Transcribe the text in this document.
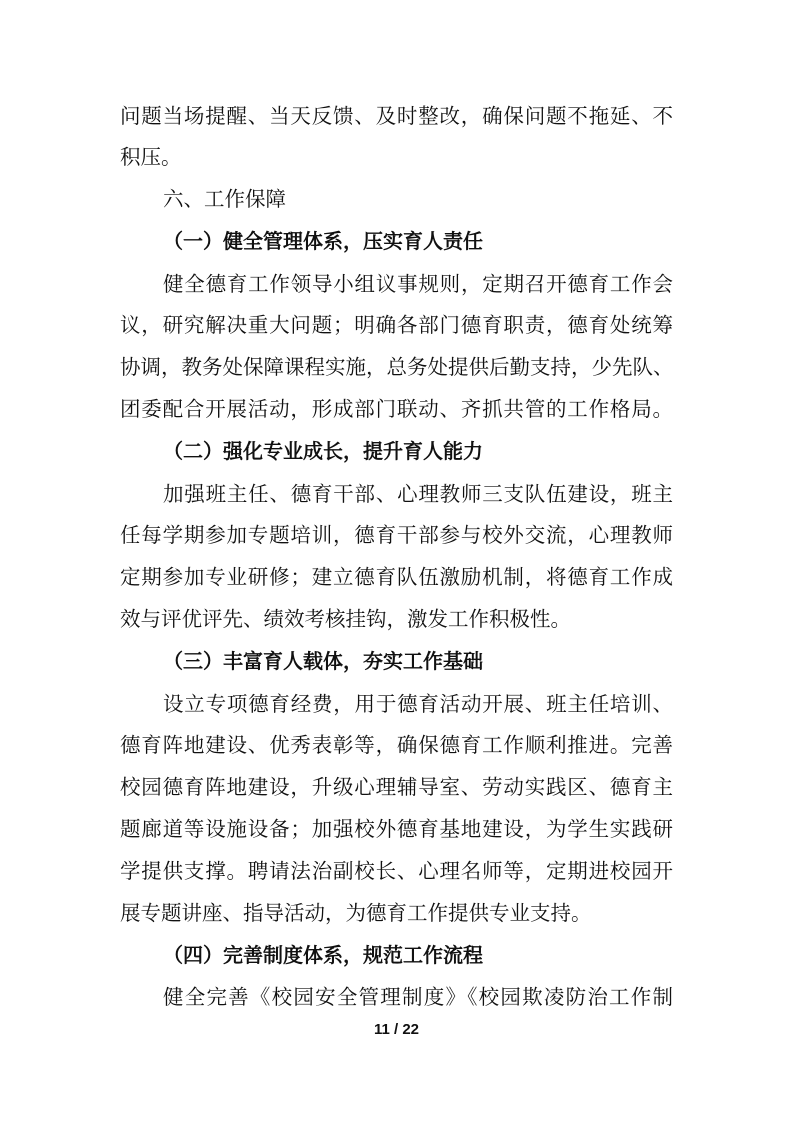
问题当场提醒、当天反馈、及时整改，确保问题不拖延、不
积压。
六、工作保障
（一）健全管理体系，压实育人责任
健全德育工作领导小组议事规则，定期召开德育工作会
议，研究解决重大问题；明确各部门德育职责，德育处统筹
协调，教务处保障课程实施，总务处提供后勤支持，少先队、
团委配合开展活动，形成部门联动、齐抓共管的工作格局。
（二）强化专业成长，提升育人能力
加强班主任、德育干部、心理教师三支队伍建设，班主
任每学期参加专题培训，德育干部参与校外交流，心理教师
定期参加专业研修；建立德育队伍激励机制，将德育工作成
效与评优评先、绩效考核挂钩，激发工作积极性。
（三）丰富育人载体，夯实工作基础
设立专项德育经费，用于德育活动开展、班主任培训、
德育阵地建设、优秀表彰等，确保德育工作顺利推进。完善
校园德育阵地建设，升级心理辅导室、劳动实践区、德育主
题廊道等设施设备；加强校外德育基地建设，为学生实践研
学提供支撑。聘请法治副校长、心理名师等，定期进校园开
展专题讲座、指导活动，为德育工作提供专业支持。
（四）完善制度体系，规范工作流程
健全完善《校园安全管理制度》《校园欺凌防治工作制
11 / 22
